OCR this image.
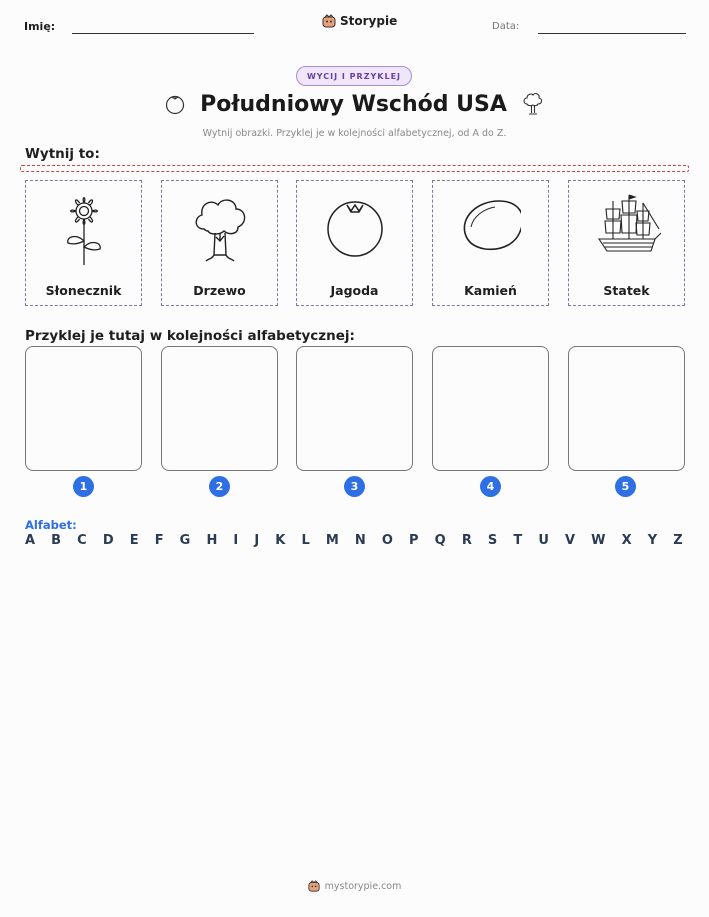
Imię:	Storypie	Data:
WYCIJ I PRZYKLEJ
Południowy Wschód USA
Wytnij obrazki. Przyklej je w kolejności alfabetycznej, od A do Z.
Wytnij to:
Słonecznik	Drzewo	Jagoda	Kamień	Statek
Przyklej je tutaj w kolejności alfabetycznej:
1	2	3	4	5
Alfabet:
A B C D E F G H I J K L M N O P Q R S T U V W X Y Z
mystorypie.com
